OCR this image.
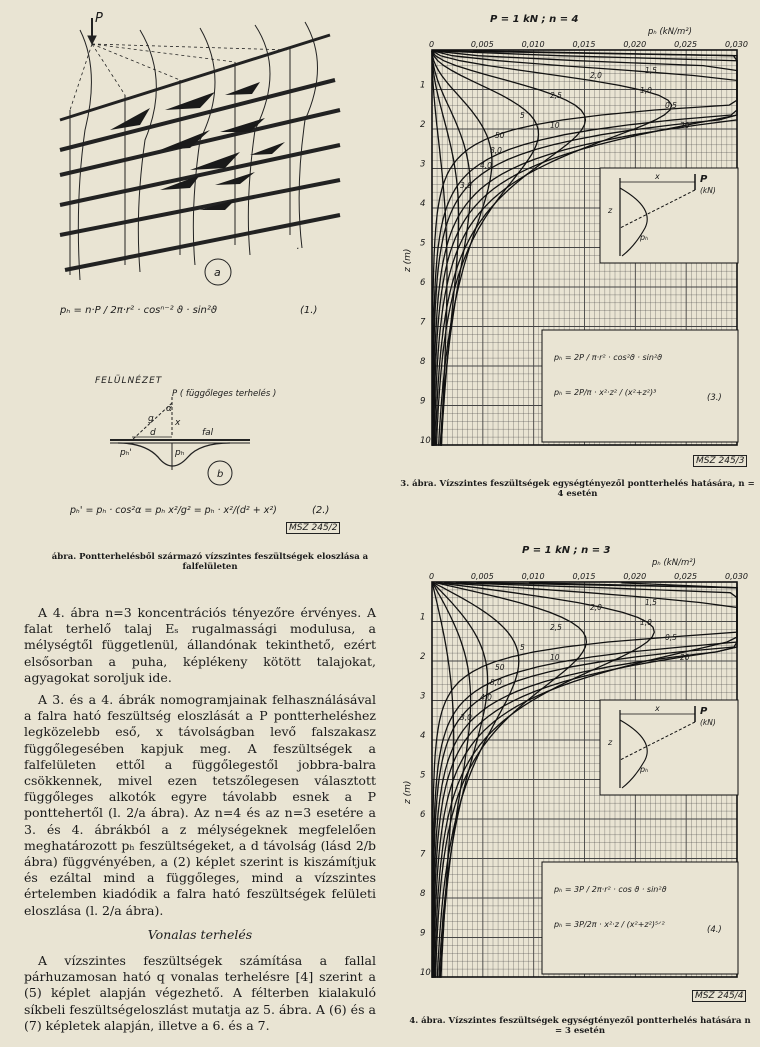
a
P
·
pₕ = n·P / 2π·r² · cosⁿ⁻² ϑ · sin²ϑ	(1.)
FELÜLNÉZET
P ( függőleges terhelés )
b
g
α
x
d	fal
pₕ'	pₕ
pₕ' = pₕ · cos²α = pₕ x²/g² = pₕ · x²/(d² + x²)	(2.)
MSZ 245/2
ábra. Pontterhelésből származó vízszintes feszültségek eloszlása a falfelületen

A 4. ábra n=3 koncentrációs tényezőre érvényes. A falat terhelő talaj Eₛ rugalmassági modulusa, a mélységtől függetlenül, állandónak tekinthető, ezért elsősorban a puha, képlékeny kötött talajokat, agyagokat soroljuk ide.

A 3. és a 4. ábrák nomogramjainak felhasználásával a falra ható feszültség eloszlását a P pontterheléshez legközelebb eső, x távolságban levő falszakasz függőlegesében kapjuk meg. A feszültségek a falfelületen ettől a függőlegestől jobbra-balra csökkennek, mivel ezen tetszőlegesen választott függőleges alkotók egyre távolabb esnek a P ponttehertől (l. 2/a ábra). Az n=4 és az n=3 esetére a 3. és 4. ábrákból a z mélységeknek megfelelően meghatározott pₕ feszültségeket, a d távolság (lásd 2/b ábra) függvényében, a (2) képlet szerint is kiszámítjuk és ezáltal mind a függőleges, mind a vízszintes értelemben kiadódik a falra ható feszültségek felületi eloszlása (l. 2/a ábra).

Vonalas terhelés

A vízszintes feszültségek számítása a fallal párhuzamosan ható q vonalas terhelésre [4] szerint a (5) képlet alapján végezhető. A félterben kialakuló síkbeli feszültségeloszlást mutatja az 5. ábra. A (6) és a (7) képletek alapján, illetve a 6. és a 7.

P = 1 kN ; n = 4
pₕ (kN/m²)
0	0,005	0,010	0,015	0,020	0,025	0,030
1
2
3
4
5
6
7
8
9
10
z (m)
10
5
2,5
2,0
1,5
1,0
0,5
20
50
8,0
4,0
3,0
P
(kN)
x
z
pₕ
pₕ = 2P / π·r² · cos²ϑ · sin²ϑ
pₕ = 2P/π · x²·z² / (x²+z²)³
(3.)
MSZ 245/3
3. ábra. Vízszintes feszültségek egységtényezől pontterhelés hatására, n = 4 esetén
P = 1 kN ; n = 3
pₕ (kN/m²)
0	0,005	0,010	0,015	0,020	0,025	0,030
1
2
3
4
5
6
7
8
9
10
z (m)
10
5
2,5
2,0
1,5
1,0
0,5
20
50
8,0
4,0
3,0
P
(kN)
x
z
pₕ
pₕ = 3P / 2π·r² · cos ϑ · sin²ϑ
pₕ = 3P/2π · x²·z / (x²+z²)⁵ᐟ²
(4.)
MSZ 245/4
4. ábra. Vízszintes feszültségek egységtényezől pontterhelés hatására n = 3 esetén
